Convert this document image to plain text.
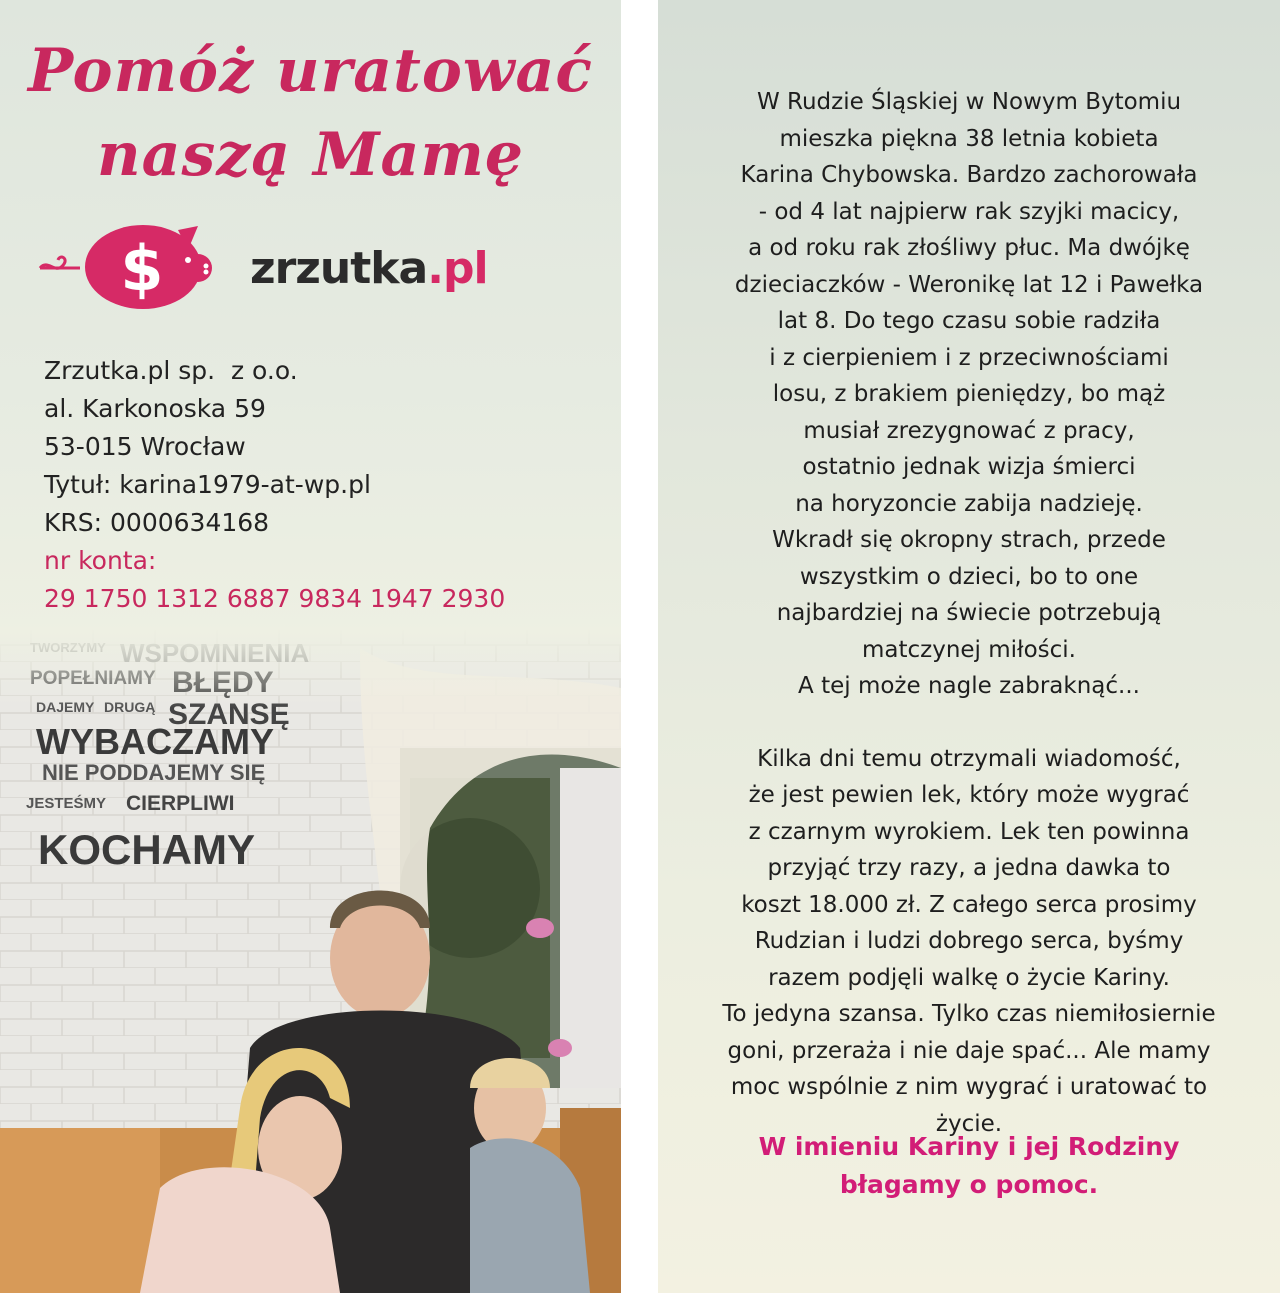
Pomóż uratować
naszą Mamę
$ zrzutka.pl
Zrzutka.pl sp.  z o.o.
al. Karkonoska 59
53-015 Wrocław
Tytuł: karina1979-at-wp.pl
KRS: 0000634168
nr konta:
29 1750 1312 6887 9834 1947 2930

W Rudzie Śląskiej w Nowym Bytomiu

mieszka piękna 38 letnia kobieta

Karina Chybowska. Bardzo zachorowała

- od 4 lat najpierw rak szyjki macicy,

a od roku rak złośliwy płuc. Ma dwójkę

dzieciaczków - Weronikę lat 12 i Pawełka

lat 8. Do tego czasu sobie radziła

i z cierpieniem i z przeciwnościami

losu, z brakiem pieniędzy, bo mąż

musiał zrezygnować z pracy,

ostatnio jednak wizja śmierci

na horyzoncie zabija nadzieję.

Wkradł się okropny strach, przede

wszystkim o dzieci, bo to one

najbardziej na świecie potrzebują

matczynej miłości.

A tej może nagle zabraknąć...

Kilka dni temu otrzymali wiadomość,

że jest pewien lek, który może wygrać

z czarnym wyrokiem. Lek ten powinna

przyjąć trzy razy, a jedna dawka to

koszt 18.000 zł. Z całego serca prosimy

Rudzian i ludzi dobrego serca, byśmy

razem podjęli walkę o życie Kariny.

To jedyna szansa. Tylko czas niemiłosiernie

goni, przeraża i nie daje spać... Ale mamy

moc wspólnie z nim wygrać i uratować to

życie.

W imieniu Kariny i jej Rodziny
błagamy o pomoc.
